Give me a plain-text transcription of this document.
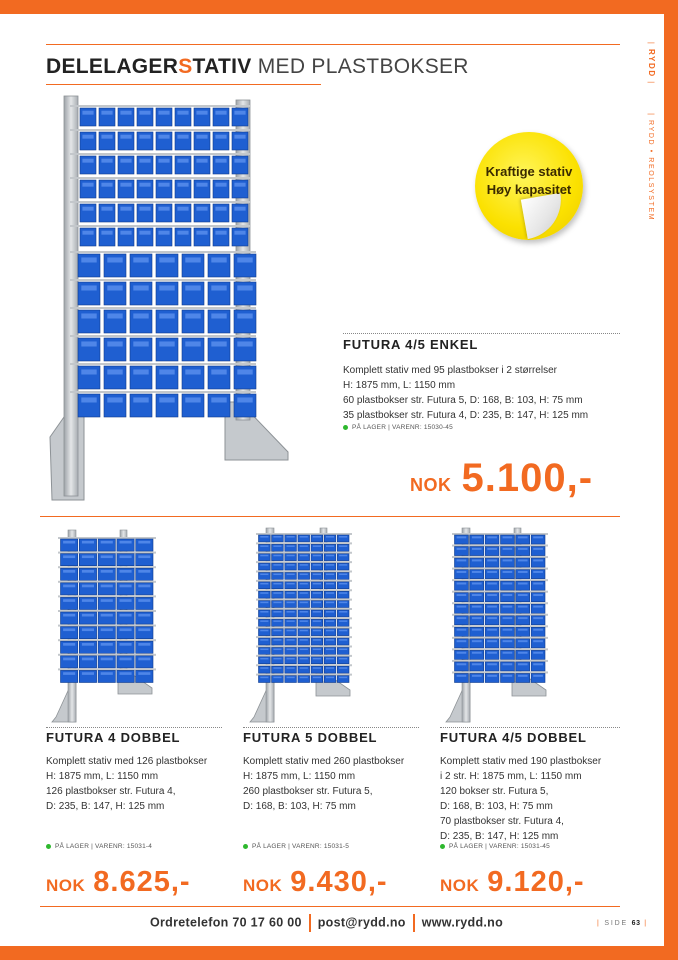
DELELAGERSTATIV MED PLASTBOKSER
| RYDD |        | RYDD • REOLSYSTEM
Kraftige stativ
Høy kapasitet
FUTURA 4/5 ENKEL
Komplett stativ med 95 plastbokser i 2 størrelser
H: 1875 mm, L: 1150 mm
60 plastbokser str. Futura 5, D: 168, B: 103, H: 75 mm
35 plastbokser str. Futura 4, D: 235, B: 147, H: 125 mm
PÅ LAGER | VARENR: 15030-45
NOK 5.100,-
FUTURA 4 DOBBEL
Komplett stativ med 126 plastbokser
H: 1875 mm, L: 1150 mm
126 plastbokser str. Futura 4,
D: 235, B: 147, H: 125 mm
PÅ LAGER | VARENR: 15031-4
NOK 8.625,-
FUTURA 5 DOBBEL
Komplett stativ med 260 plastbokser
H: 1875 mm, L: 1150 mm
260 plastbokser str. Futura 5,
D: 168, B: 103, H: 75 mm
PÅ LAGER | VARENR: 15031-5
NOK 9.430,-
FUTURA 4/5 DOBBEL
Komplett stativ med 190 plastbokser
i 2 str. H: 1875 mm, L: 1150 mm
120 bokser str. Futura 5,
D: 168, B: 103, H: 75 mm
70 plastbokser str. Futura 4,
D: 235, B: 147, H: 125 mm
PÅ LAGER | VARENR: 15031-45
NOK 9.120,-
Ordretelefon 70 17 60 00 post@rydd.no www.rydd.no	| SIDE 63 |
